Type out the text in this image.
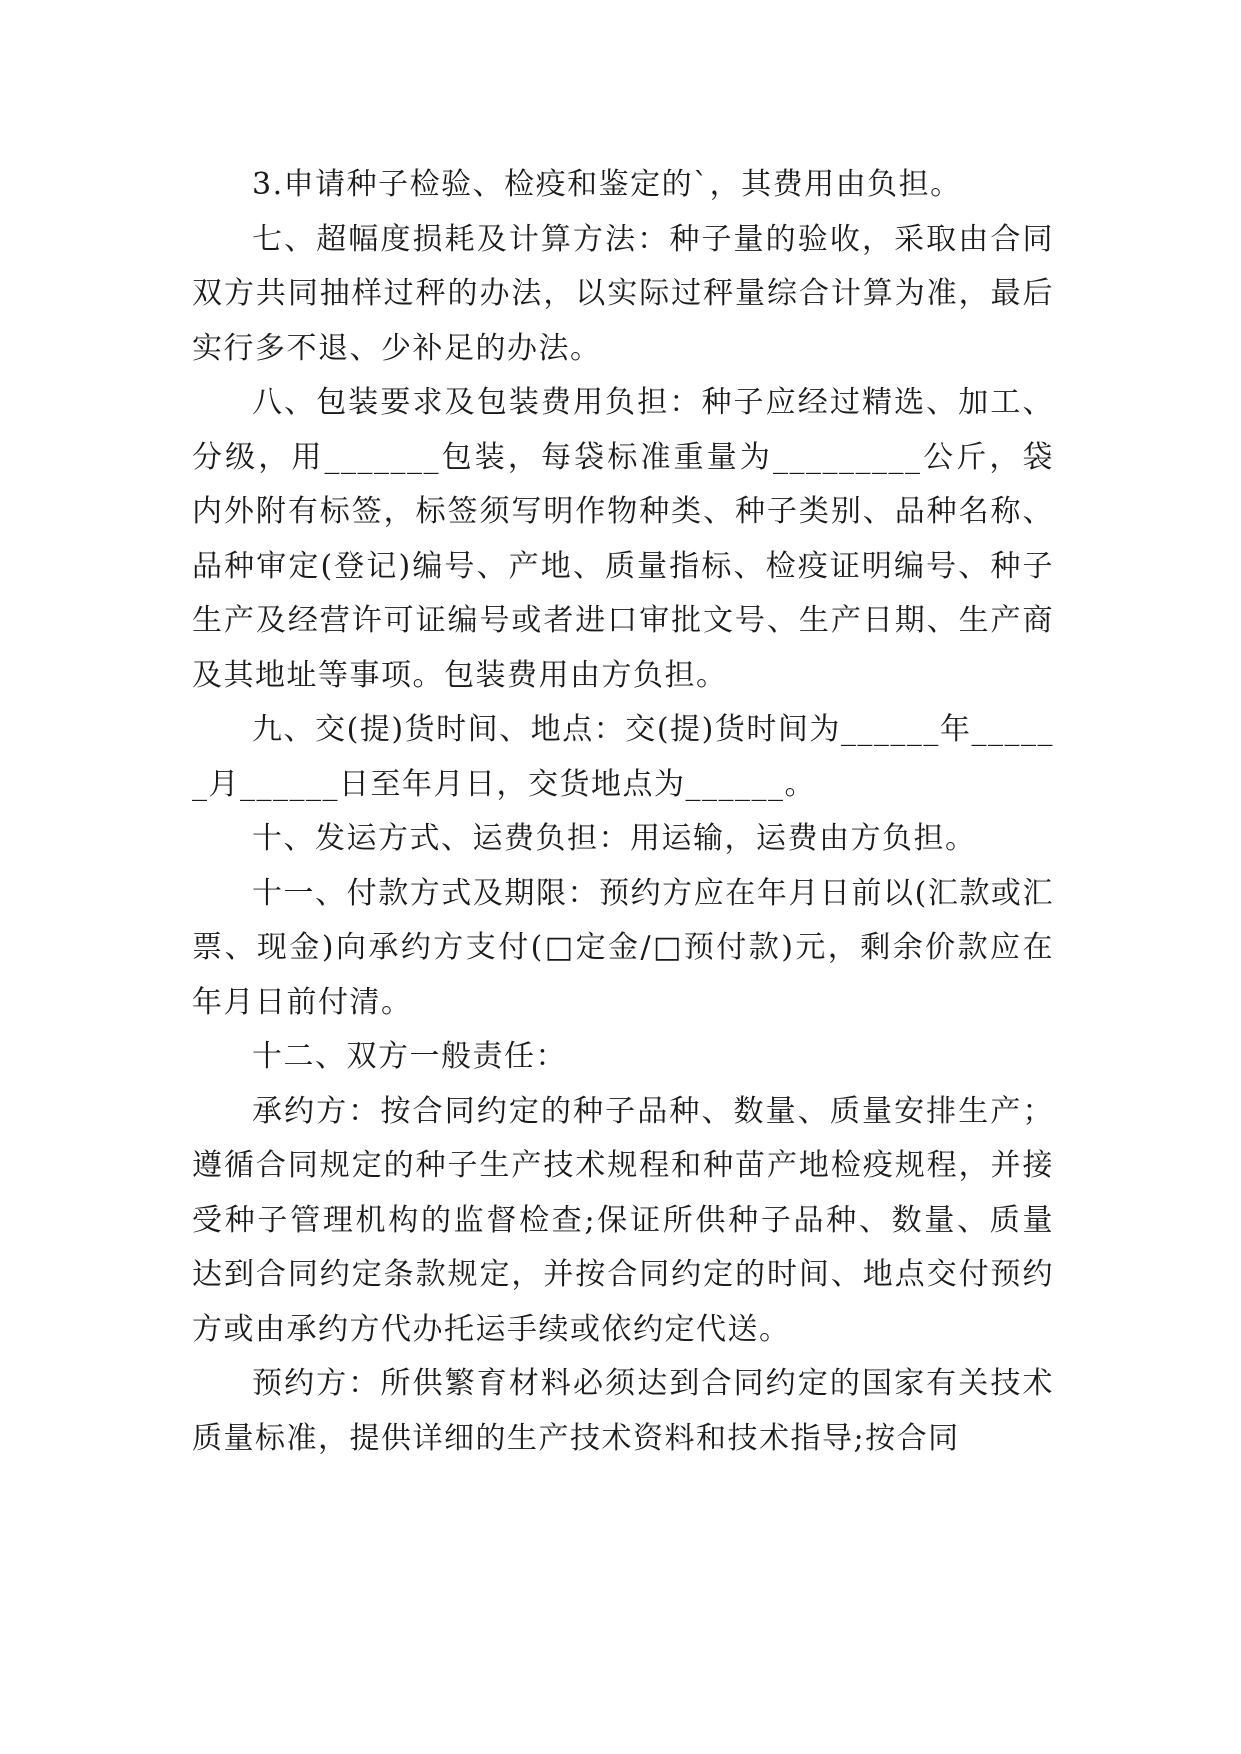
3.申请种子检验、检疫和鉴定的`，其费用由负担。

七、超幅度损耗及计算方法：种子量的验收，采取由合同双方共同抽样过秤的办法，以实际过秤量综合计算为准，最后实行多不退、少补足的办法。

八、包装要求及包装费用负担：种子应经过精选、加工、分级，用_______包装，每袋标准重量为_________公斤，袋内外附有标签，标签须写明作物种类、种子类别、品种名称、品种审定(登记)编号、产地、质量指标、检疫证明编号、种子生产及经营许可证编号或者进口审批文号、生产日期、生产商及其地址等事项。包装费用由方负担。

九、交(提)货时间、地点：交(提)货时间为______年______月______日至年月日，交货地点为______。

十、发运方式、运费负担：用运输，运费由方负担。

十一、付款方式及期限：预约方应在年月日前以(汇款或汇票、现金)向承约方支付(□定金/□预付款)元，剩余价款应在年月日前付清。

十二、双方一般责任：

承约方：按合同约定的种子品种、数量、质量安排生产；遵循合同规定的种子生产技术规程和种苗产地检疫规程，并接受种子管理机构的监督检查;保证所供种子品种、数量、质量达到合同约定条款规定，并按合同约定的时间、地点交付预约方或由承约方代办托运手续或依约定代送。

预约方：所供繁育材料必须达到合同约定的国家有关技术质量标准，提供详细的生产技术资料和技术指导;按合同
